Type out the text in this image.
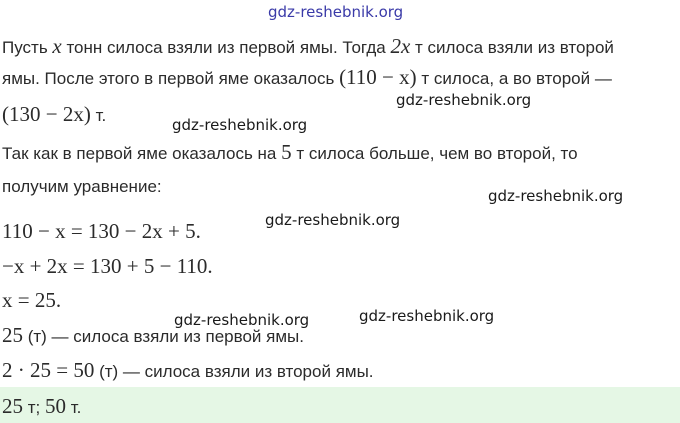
gdz-reshebnik.org
Пусть x тонн силоса взяли из первой ямы. Тогда 2x т силоса взяли из второй
ямы. После этого в первой яме оказалось (110 − x) т силоса, а во второй —
gdz-reshebnik.org
(130 − 2x) т.	gdz-reshebnik.org
Так как в первой яме оказалось на 5 т силоса больше, чем во второй, то
получим уравнение:	gdz-reshebnik.org
gdz-reshebnik.org
110 − x = 130 − 2x + 5.
−x + 2x = 130 + 5 − 110.
x = 25.
gdz-reshebnik.org	gdz-reshebnik.org
25 (т) — силоса взяли из первой ямы.
2 · 25 = 50 (т) — силоса взяли из второй ямы.
25 т; 50 т.
